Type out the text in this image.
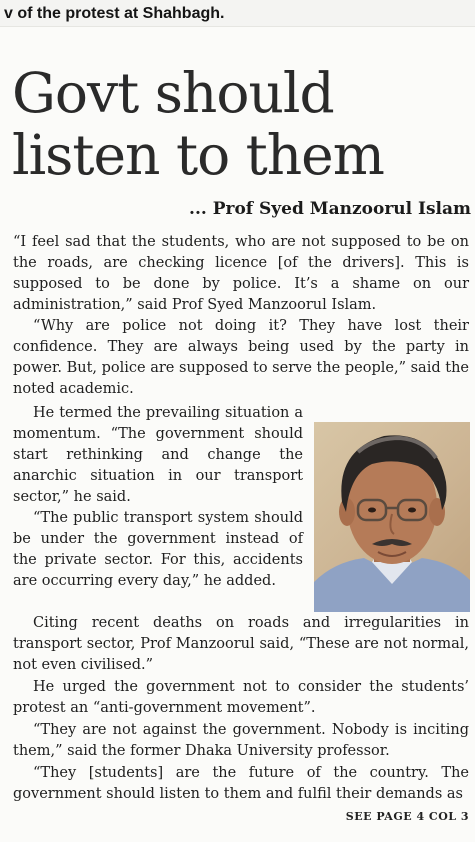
v of the protest at Shahbagh.
Govt should listen to them
... Prof Syed Manzoorul Islam

“I feel sad that the students, who are not supposed to be on the roads, are checking licence [of the drivers]. This is supposed to be done by police. It’s a shame on our administration,” said Prof Syed Manzoorul Islam.

“Why are police not doing it? They have lost their confidence. They are always being used by the party in power. But, police are supposed to serve the people,” said the noted academic.

He termed the prevailing situation a momentum. “The government should start rethinking and change the anarchic situation in our transport sector,” he said.

“The public transport system should be under the government instead of the private sector. For this, accidents are occurring every day,” he added.

Citing recent deaths on roads and irregularities in transport sector, Prof Manzoorul said, “These are not normal, not even civilised.”

He urged the government not to consider the students’ protest an “anti-government movement”.

“They are not against the government. Nobody is inciting them,” said the former Dhaka University professor.

“They [students] are the future of the country. The government should listen to them and fulfil their demands as

SEE PAGE 4 COL 3
